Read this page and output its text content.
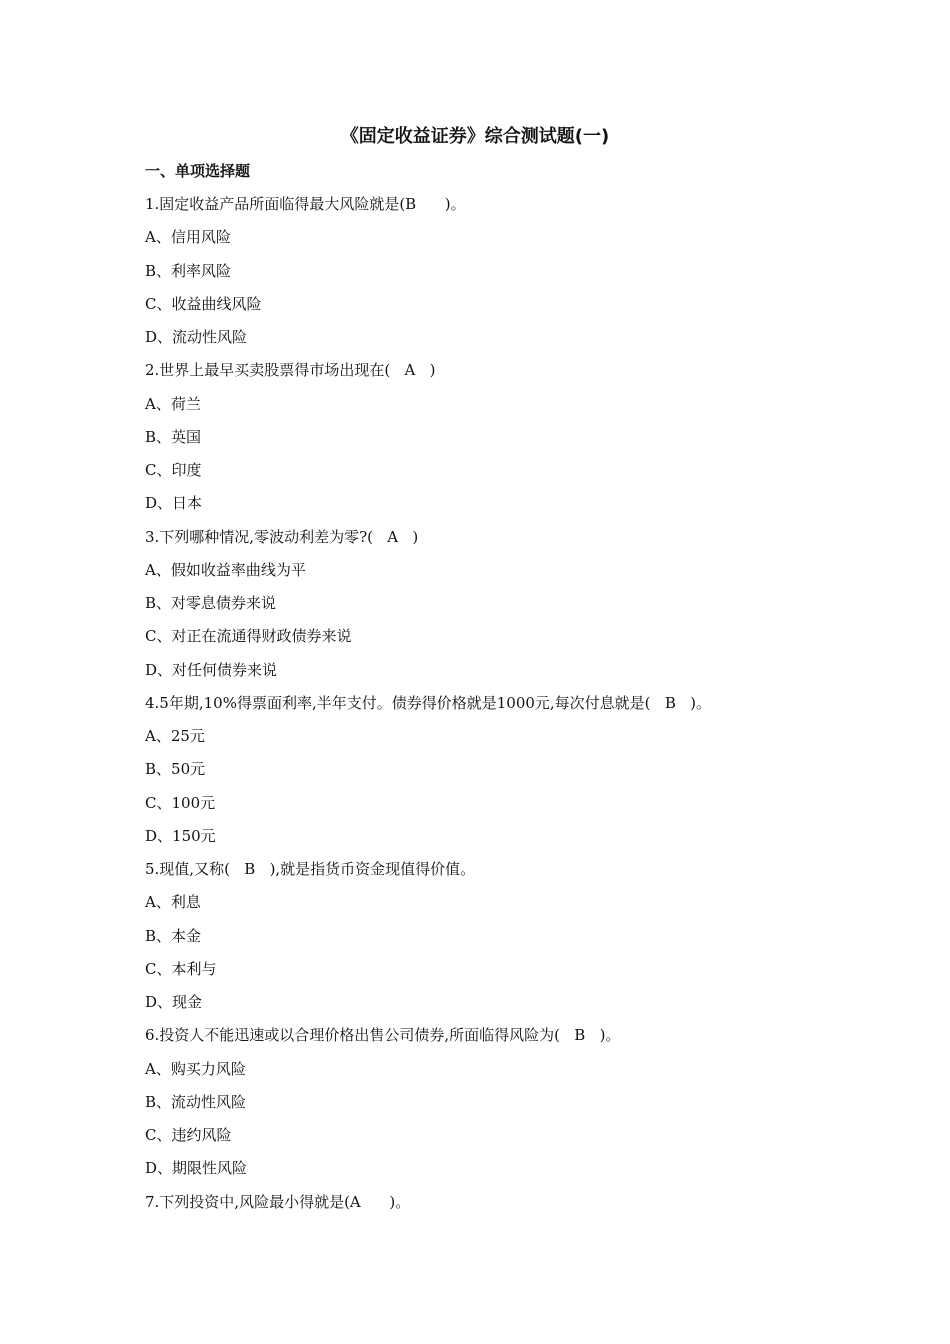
《固定收益证券》综合测试题(一)
一、单项选择题
1.固定收益产品所面临得最大风险就是(B      )。
A、信用风险
B、利率风险
C、收益曲线风险
D、流动性风险
2.世界上最早买卖股票得市场出现在(   A   )
A、荷兰
B、英国
C、印度
D、日本
3.下列哪种情况,零波动利差为零?(   A   )
A、假如收益率曲线为平
B、对零息债券来说
C、对正在流通得财政债券来说
D、对任何债券来说
4.5年期,10%得票面利率,半年支付。债券得价格就是1000元,每次付息就是(   B   )。
A、25元
B、50元
C、100元
D、150元
5.现值,又称(   B   ),就是指货币资金现值得价值。
A、利息
B、本金
C、本利与
D、现金
6.投资人不能迅速或以合理价格出售公司债券,所面临得风险为(   B   )。
A、购买力风险
B、流动性风险
C、违约风险
D、期限性风险
7.下列投资中,风险最小得就是(A      )。
